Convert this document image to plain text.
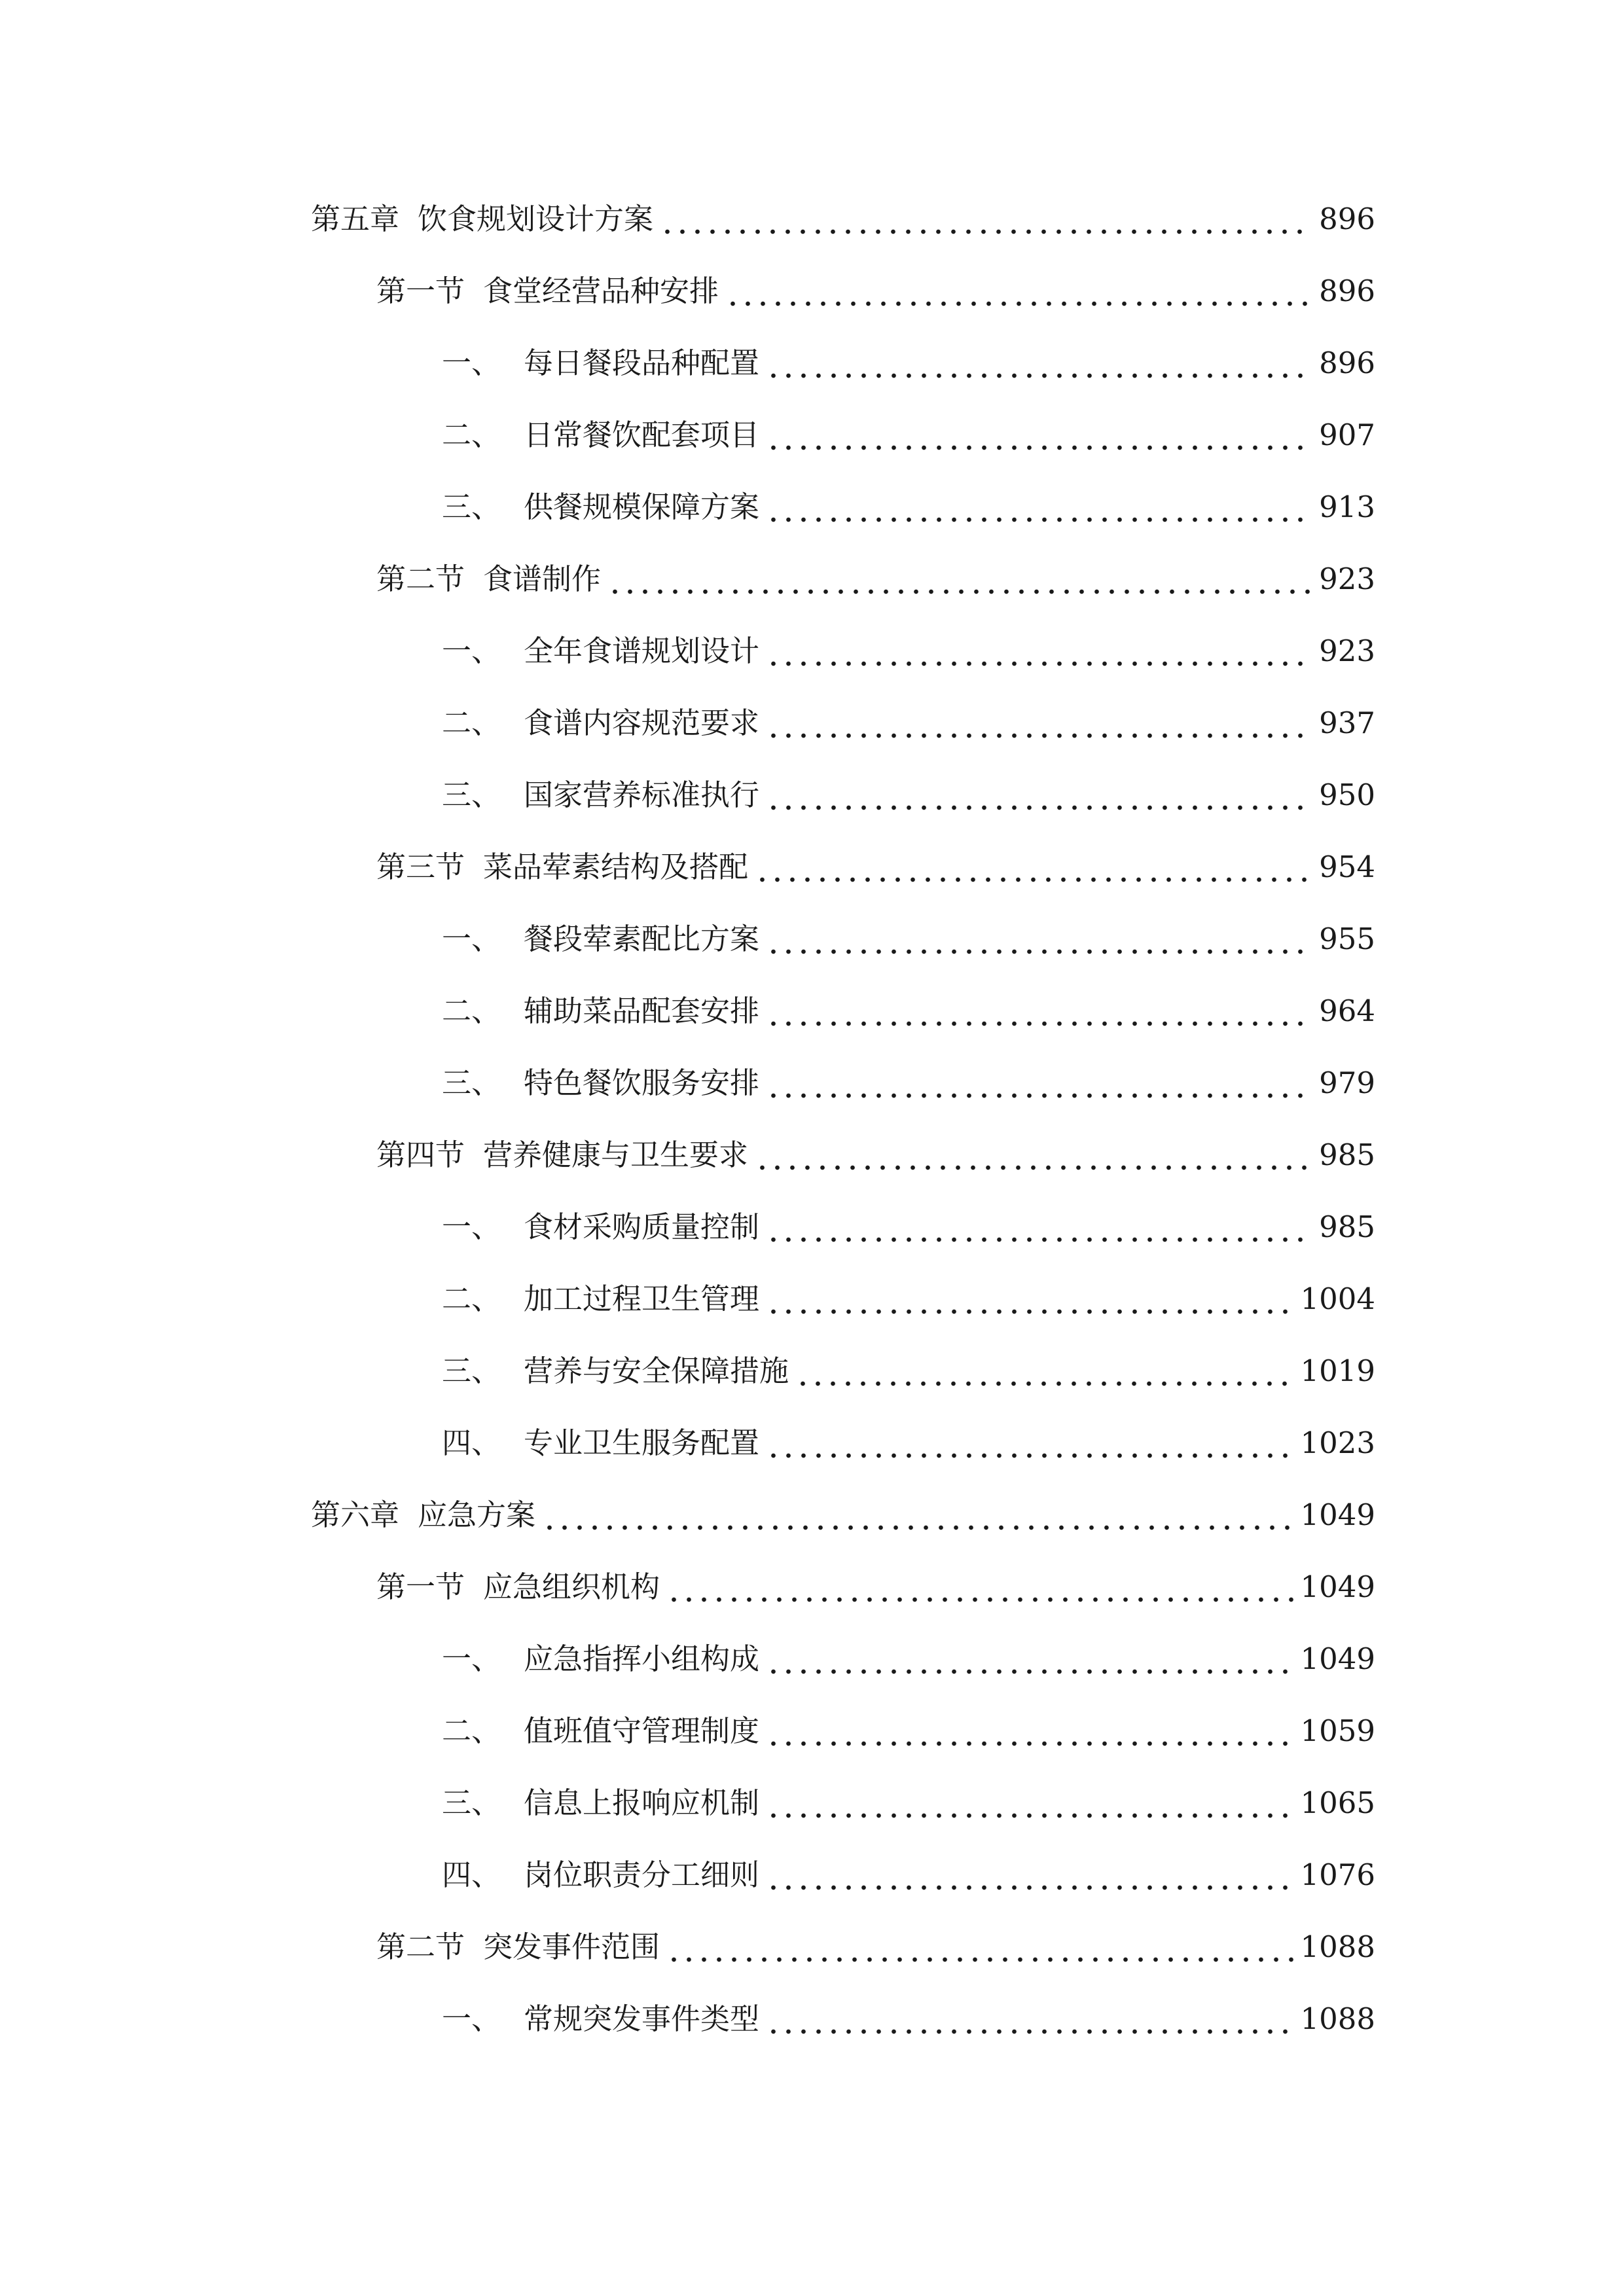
第五章 饮食规划设计方案	896
第一节 食堂经营品种安排	896
一、 每日餐段品种配置	896
二、 日常餐饮配套项目	907
三、 供餐规模保障方案	913
第二节 食谱制作	923
一、 全年食谱规划设计	923
二、 食谱内容规范要求	937
三、 国家营养标准执行	950
第三节 菜品荤素结构及搭配	954
一、 餐段荤素配比方案	955
二、 辅助菜品配套安排	964
三、 特色餐饮服务安排	979
第四节 营养健康与卫生要求	985
一、 食材采购质量控制	985
二、 加工过程卫生管理	1004
三、 营养与安全保障措施	1019
四、 专业卫生服务配置	1023
第六章 应急方案	1049
第一节 应急组织机构	1049
一、 应急指挥小组构成	1049
二、 值班值守管理制度	1059
三、 信息上报响应机制	1065
四、 岗位职责分工细则	1076
第二节 突发事件范围	1088
一、 常规突发事件类型	1088
